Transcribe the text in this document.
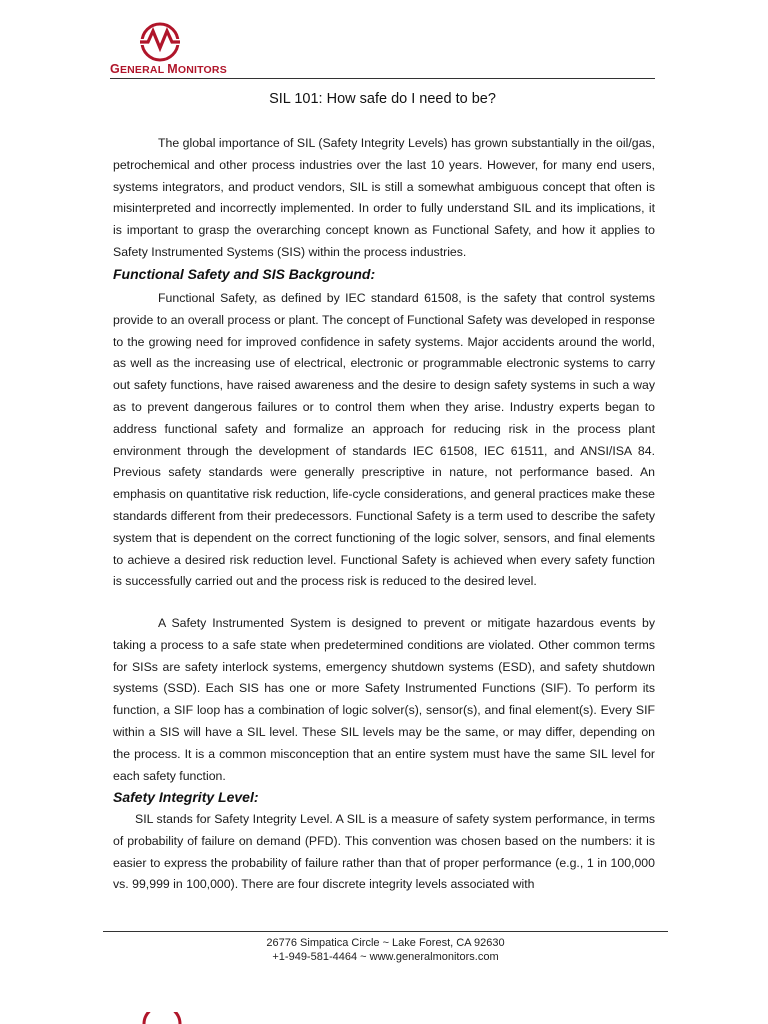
GENERAL MONITORS
SIL 101: How safe do I need to be?

The global importance of SIL (Safety Integrity Levels) has grown substantially in the oil/gas, petrochemical and other process industries over the last 10 years. However, for many end users, systems integrators, and product vendors, SIL is still a somewhat ambiguous concept that often is misinterpreted and incorrectly implemented. In order to fully understand SIL and its implications, it is important to grasp the overarching concept known as Functional Safety, and how it applies to Safety Instrumented Systems (SIS) within the process industries.

Functional Safety and SIS Background:

Functional Safety, as defined by IEC standard 61508, is the safety that control systems provide to an overall process or plant. The concept of Functional Safety was developed in response to the growing need for improved confidence in safety systems. Major accidents around the world, as well as the increasing use of electrical, electronic or programmable electronic systems to carry out safety functions, have raised awareness and the desire to design safety systems in such a way as to prevent dangerous failures or to control them when they arise. Industry experts began to address functional safety and formalize an approach for reducing risk in the process plant environment through the development of standards IEC 61508, IEC 61511, and ANSI/ISA 84. Previous safety standards were generally prescriptive in nature, not performance based. An emphasis on quantitative risk reduction, life-cycle considerations, and general practices make these standards different from their predecessors. Functional Safety is a term used to describe the safety system that is dependent on the correct functioning of the logic solver, sensors, and final elements to achieve a desired risk reduction level. Functional Safety is achieved when every safety function is successfully carried out and the process risk is reduced to the desired level.

A Safety Instrumented System is designed to prevent or mitigate hazardous events by taking a process to a safe state when predetermined conditions are violated. Other common terms for SISs are safety interlock systems, emergency shutdown systems (ESD), and safety shutdown systems (SSD). Each SIS has one or more Safety Instrumented Functions (SIF). To perform its function, a SIF loop has a combination of logic solver(s), sensor(s), and final element(s). Every SIF within a SIS will have a SIL level. These SIL levels may be the same, or may differ, depending on the process. It is a common misconception that an entire system must have the same SIL level for each safety function.

Safety Integrity Level:

SIL stands for Safety Integrity Level. A SIL is a measure of safety system performance, in terms of probability of failure on demand (PFD). This convention was chosen based on the numbers: it is easier to express the probability of failure rather than that of proper performance (e.g., 1 in 100,000 vs. 99,999 in 100,000). There are four discrete integrity levels associated with

26776 Simpatica Circle ~ Lake Forest, CA 92630
+1-949-581-4464 ~ www.generalmonitors.com
